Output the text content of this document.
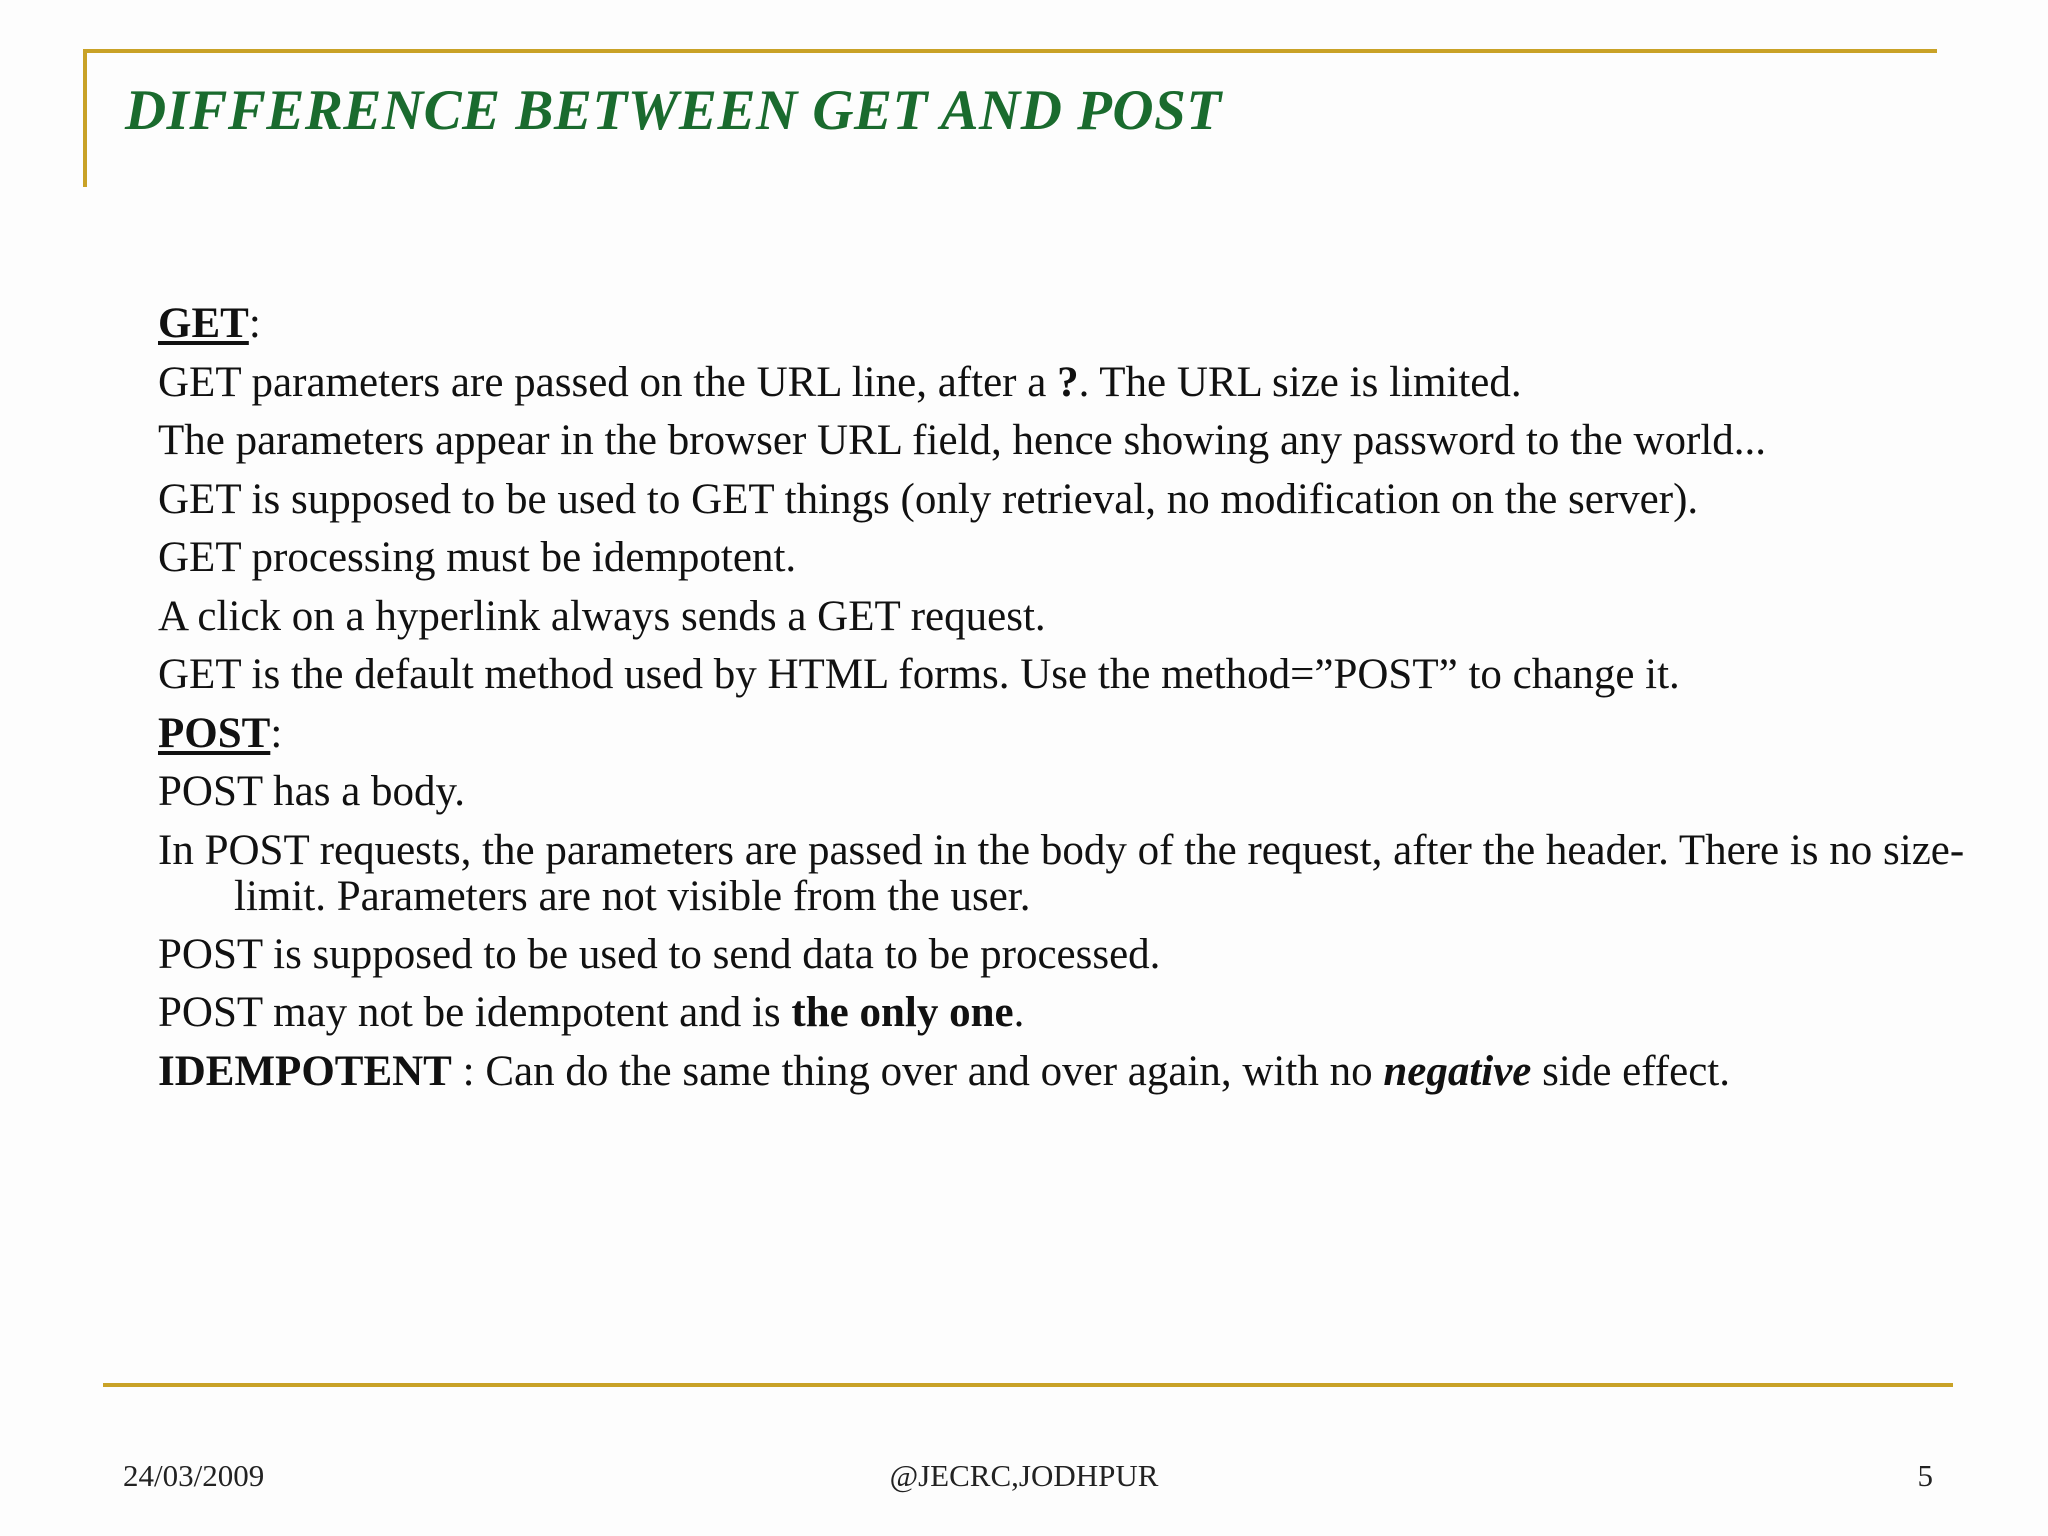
DIFFERENCE BETWEEN GET AND POST
GET:
GET parameters are passed on the URL line, after a ?. The URL size is limited.
The parameters appear in the browser URL field, hence showing any password to the world...
GET is supposed to be used to GET things (only retrieval, no modification on the server).
GET processing must be idempotent.
A click on a hyperlink always sends a GET request.
GET is the default method used by HTML forms. Use the method=”POST” to change it.
POST:
POST has a body.
In POST requests, the parameters are passed in the body of the request, after the header. There is no size-limit. Parameters are not visible from the user.
POST is supposed to be used to send data to be processed.
POST may not be idempotent and is the only one.
IDEMPOTENT : Can do the same thing over and over again, with no negative side effect.
24/03/2009	@JECRC,JODHPUR	5
